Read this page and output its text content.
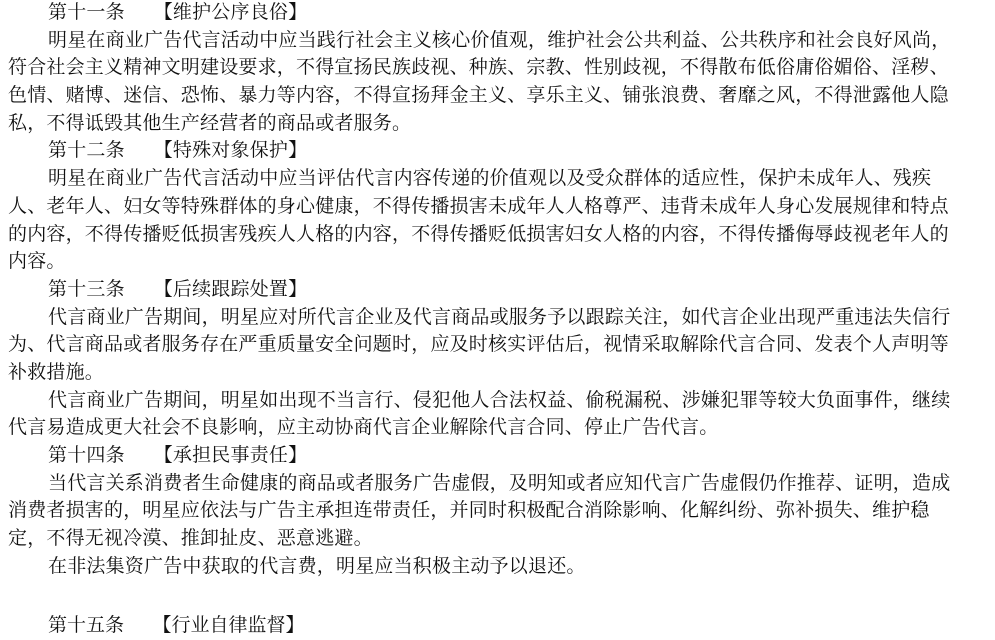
第十一条　　【维护公序良俗】
明星在商业广告代言活动中应当践行社会主义核心价值观，维护社会公共利益、公共秩序和社会良好风尚，
符合社会主义精神文明建设要求，不得宣扬民族歧视、种族、宗教、性别歧视，不得散布低俗庸俗媚俗、淫秽、
色情、赌博、迷信、恐怖、暴力等内容，不得宣扬拜金主义、享乐主义、铺张浪费、奢靡之风，不得泄露他人隐
私，不得诋毁其他生产经营者的商品或者服务。
第十二条　　【特殊对象保护】
明星在商业广告代言活动中应当评估代言内容传递的价值观以及受众群体的适应性，保护未成年人、残疾
人、老年人、妇女等特殊群体的身心健康，不得传播损害未成年人人格尊严、违背未成年人身心发展规律和特点
的内容，不得传播贬低损害残疾人人格的内容，不得传播贬低损害妇女人格的内容，不得传播侮辱歧视老年人的
内容。
第十三条　　【后续跟踪处置】
代言商业广告期间，明星应对所代言企业及代言商品或服务予以跟踪关注，如代言企业出现严重违法失信行
为、代言商品或者服务存在严重质量安全问题时，应及时核实评估后，视情采取解除代言合同、发表个人声明等
补救措施。
代言商业广告期间，明星如出现不当言行、侵犯他人合法权益、偷税漏税、涉嫌犯罪等较大负面事件，继续
代言易造成更大社会不良影响，应主动协商代言企业解除代言合同、停止广告代言。
第十四条　　【承担民事责任】
当代言关系消费者生命健康的商品或者服务广告虚假，及明知或者应知代言广告虚假仍作推荐、证明，造成
消费者损害的，明星应依法与广告主承担连带责任，并同时积极配合消除影响、化解纠纷、弥补损失、维护稳
定，不得无视冷漠、推卸扯皮、恶意逃避。
在非法集资广告中获取的代言费，明星应当积极主动予以退还。
第十五条　　【行业自律监督】
